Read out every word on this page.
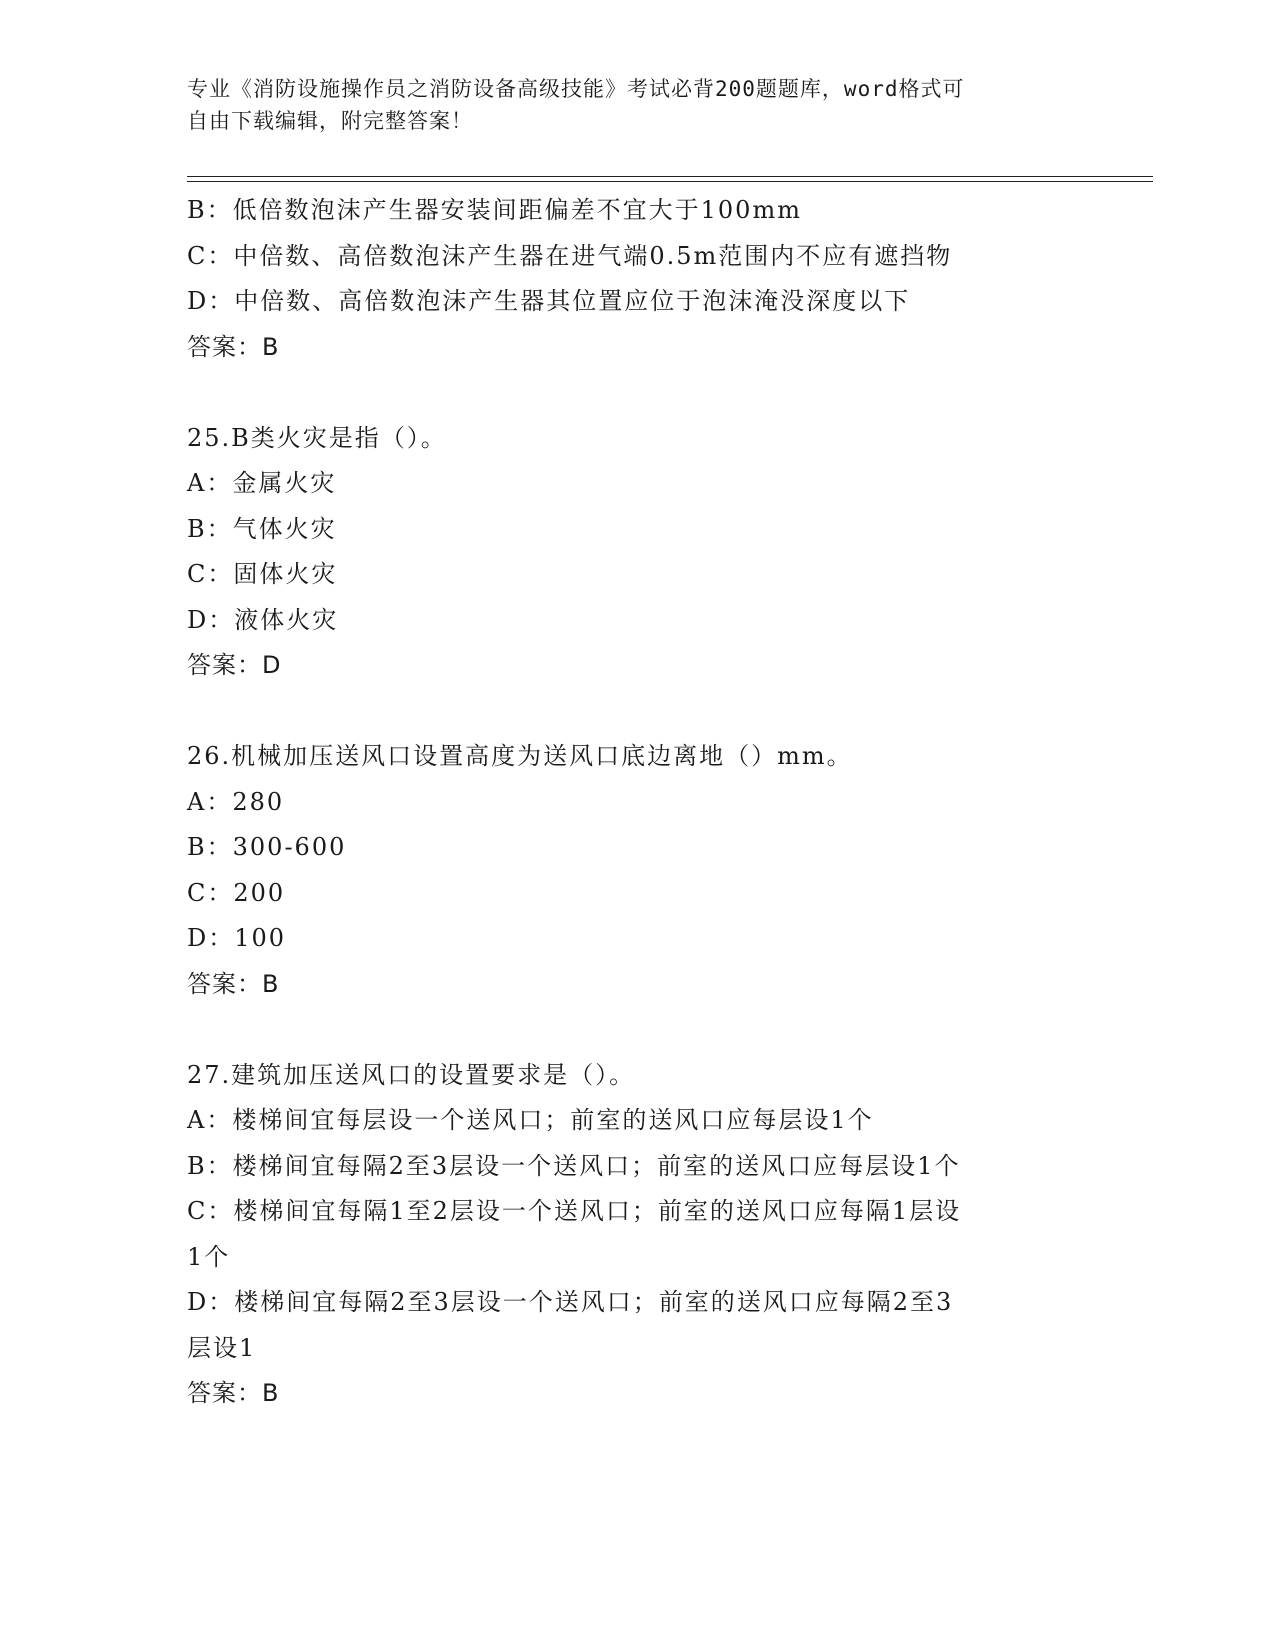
专业《消防设施操作员之消防设备高级技能》考试必背200题题库，word格式可
自由下载编辑，附完整答案！
B：低倍数泡沫产生器安装间距偏差不宜大于100mm
C：中倍数、高倍数泡沫产生器在进气端0.5m范围内不应有遮挡物
D：中倍数、高倍数泡沫产生器其位置应位于泡沫淹没深度以下
答案：B
25.B类火灾是指（）。
A：金属火灾
B：气体火灾
C：固体火灾
D：液体火灾
答案：D
26.机械加压送风口设置高度为送风口底边离地（）mm。
A：280
B：300-600
C：200
D：100
答案：B
27.建筑加压送风口的设置要求是（）。
A：楼梯间宜每层设一个送风口；前室的送风口应每层设1个
B：楼梯间宜每隔2至3层设一个送风口；前室的送风口应每层设1个
C：楼梯间宜每隔1至2层设一个送风口；前室的送风口应每隔1层设
1个
D：楼梯间宜每隔2至3层设一个送风口；前室的送风口应每隔2至3
层设1
答案：B
